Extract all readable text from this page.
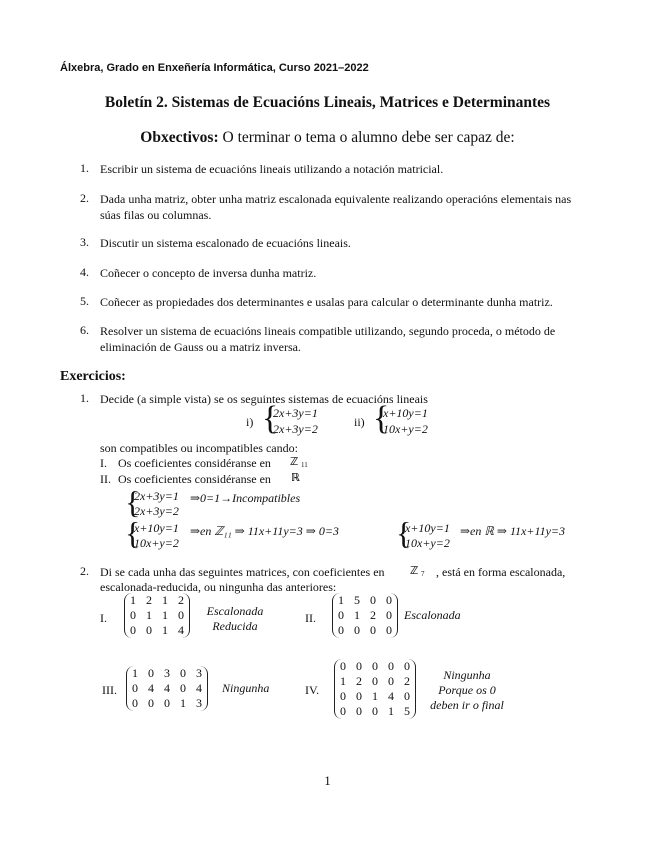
Álxebra, Grado en Enxeñería Informática, Curso 2021–2022
Boletín 2. Sistemas de Ecuacións Lineais, Matrices e Determinantes
Obxectivos: O terminar o tema o alumno debe ser capaz de:
1. Escribir un sistema de ecuacións lineais utilizando a notación matricial.
2. Dada unha matriz, obter unha matriz escalonada equivalente realizando operacións elementais nas súas filas ou columnas.
3. Discutir un sistema escalonado de ecuacións lineais.
4. Coñecer o concepto de inversa dunha matriz.
5. Coñecer as propiedades dos determinantes e usalas para calcular o determinante dunha matriz.
6. Resolver un sistema de ecuacións lineais compatible utilizando, segundo proceda, o método de eliminación de Gauss ou a matriz inversa.
Exercicios:
1. Decide (a simple vista) se os seguintes sistemas de ecuacións lineais
i) {
2x+3y=1
2x+3y=2	ii) {
x+10y=1
10x+y=2
son compatibles ou incompatibles cando:
I. Os coeficientes considéranse en ℤ 11
II. Os coeficientes considéranse en ℝ
{
2x+3y=1
2x+3y=2
⇒0=1→Incompatibles
{
x+10y=1
10x+y=2
⇒en ℤ₁₁ ⇒ 11x+11y=3 ⇒ 0=3 {
x+10y=1
10x+y=2
⇒en ℝ ⇒ 11x+11y=3
2. Di se cada unha das seguintes matrices, con coeficientes en ℤ 7 , está en forma escalonada,
escalonada-reducida, ou ningunha das anteriores:
I.
1	2	1	2
0	1	1	0
0	0	1	4
Escalonada
Reducida
II.
1	5	0	0
0	1	2	0
0	0	0	0
Escalonada
III.
1	0	3	0	3
0	4	4	0	4
0	0	0	1	3
Ningunha	IV.
0	0	0	0	0
1	2	0	0	2
0	0	1	4	0
0	0	0	1	5
Ningunha
Porque os 0
deben ir o final
1
